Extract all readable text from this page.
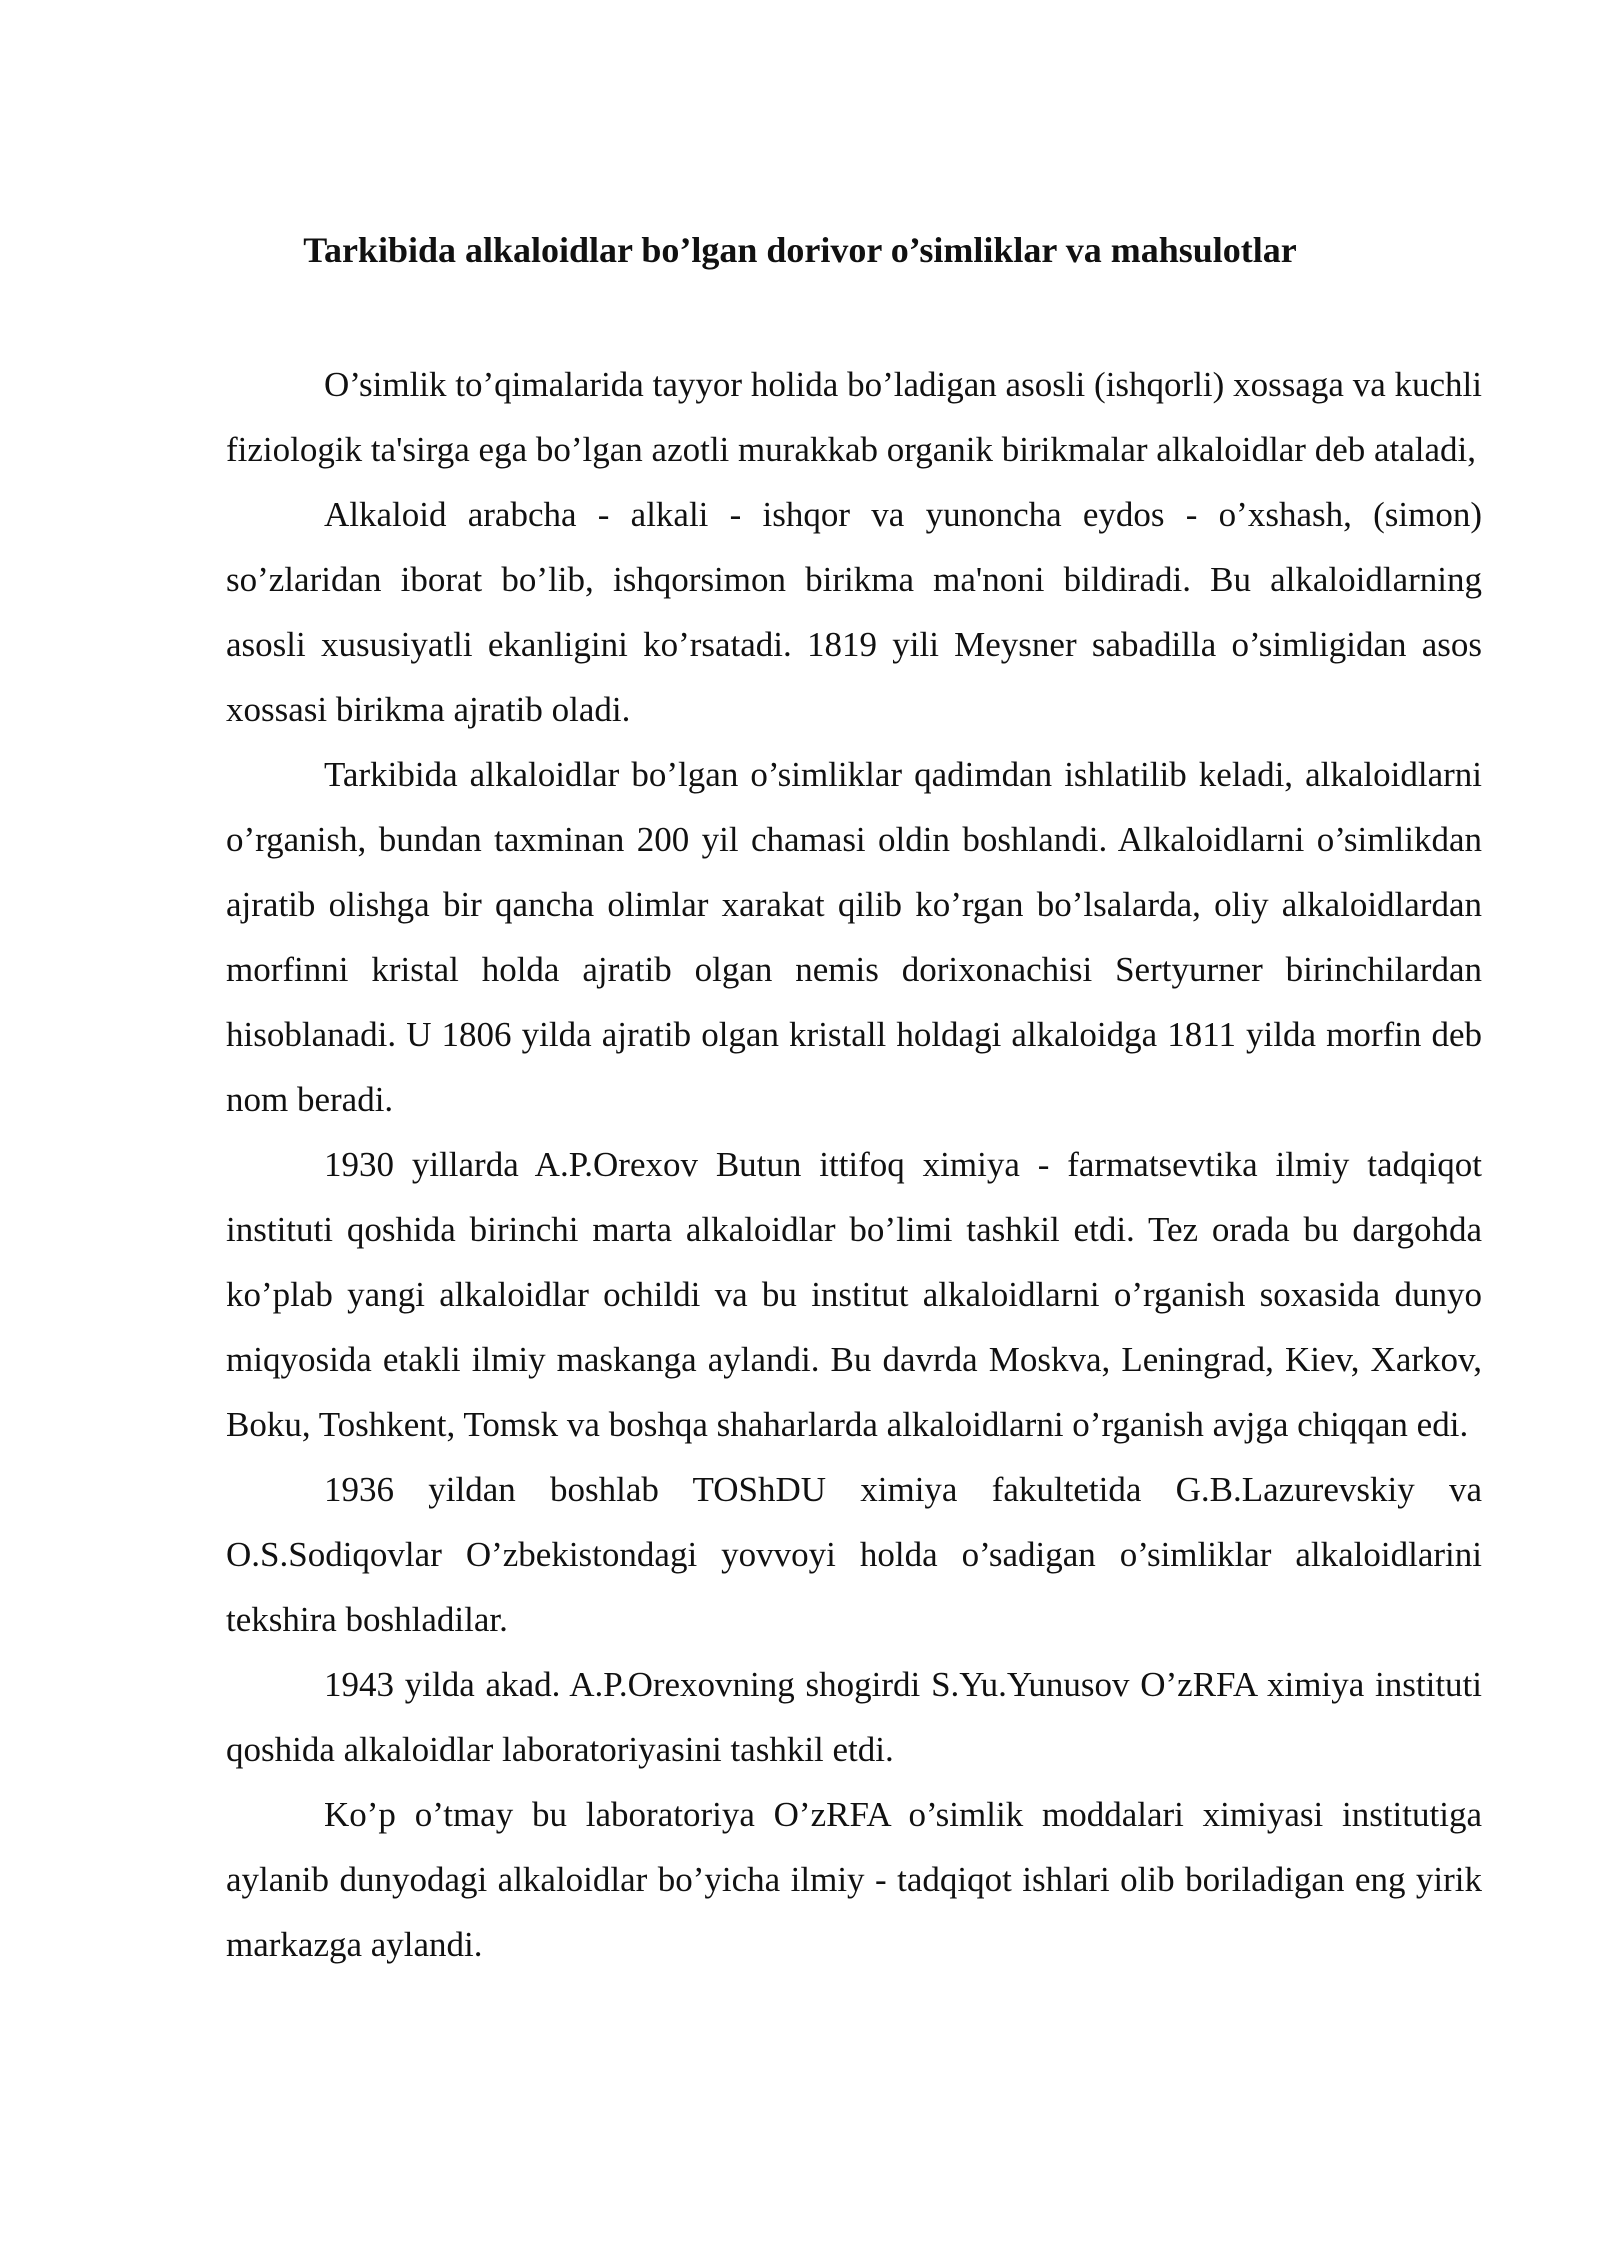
Tarkibida alkaloidlar bo’lgan dorivor o’simliklar va mahsulotlar

O’simlik to’qimalarida tayyor holida bo’ladigan asosli (ishqorli) xossaga va kuchli fiziologik ta'sirga ega bo’lgan azotli murakkab organik birikmalar alkaloidlar deb ataladi,

Alkaloid arabcha - alkali - ishqor va yunoncha eydos - o’xshash, (simon) so’zlaridan iborat bo’lib, ishqorsimon birikma ma'noni bildiradi. Bu alkaloidlarning asosli xususiyatli ekanligini ko’rsatadi. 1819 yili Meysner sabadilla o’simligidan asos xossasi birikma ajratib oladi.

Tarkibida alkaloidlar bo’lgan o’simliklar qadimdan ishlatilib keladi, alkaloidlarni o’rganish, bundan taxminan 200 yil chamasi oldin boshlandi. Alkaloidlarni o’simlikdan ajratib olishga bir qancha olimlar xarakat qilib ko’rgan bo’lsalarda, oliy alkaloidlardan morfinni kristal holda ajratib olgan nemis dorixonachisi Sertyurner birinchilardan hisoblanadi. U 1806 yilda ajratib olgan kristall holdagi alkaloidga 1811 yilda morfin deb nom beradi.

1930 yillarda A.P.Orexov Butun ittifoq ximiya - farmatsevtika ilmiy tadqiqot instituti qoshida birinchi marta alkaloidlar bo’limi tashkil etdi. Tez orada bu dargohda ko’plab yangi alkaloidlar ochildi va bu institut alkaloidlarni o’rganish soxasida dunyo miqyosida etakli ilmiy maskanga aylandi. Bu davrda Moskva, Leningrad, Kiev, Xarkov, Boku, Toshkent, Tomsk va boshqa shaharlarda alkaloidlarni o’rganish avjga chiqqan edi.

1936 yildan boshlab TOShDU ximiya fakultetida G.B.Lazurevskiy va O.S.Sodiqovlar O’zbekistondagi yovvoyi holda o’sadigan o’simliklar alkaloidlarini tekshira boshladilar.

1943 yilda akad. A.P.Orexovning shogirdi S.Yu.Yunusov O’zRFA ximiya instituti qoshida alkaloidlar laboratoriyasini tashkil etdi.

Ko’p o’tmay bu laboratoriya O’zRFA o’simlik moddalari ximiyasi institutiga aylanib dunyodagi alkaloidlar bo’yicha ilmiy - tadqiqot ishlari olib boriladigan eng yirik markazga aylandi.
